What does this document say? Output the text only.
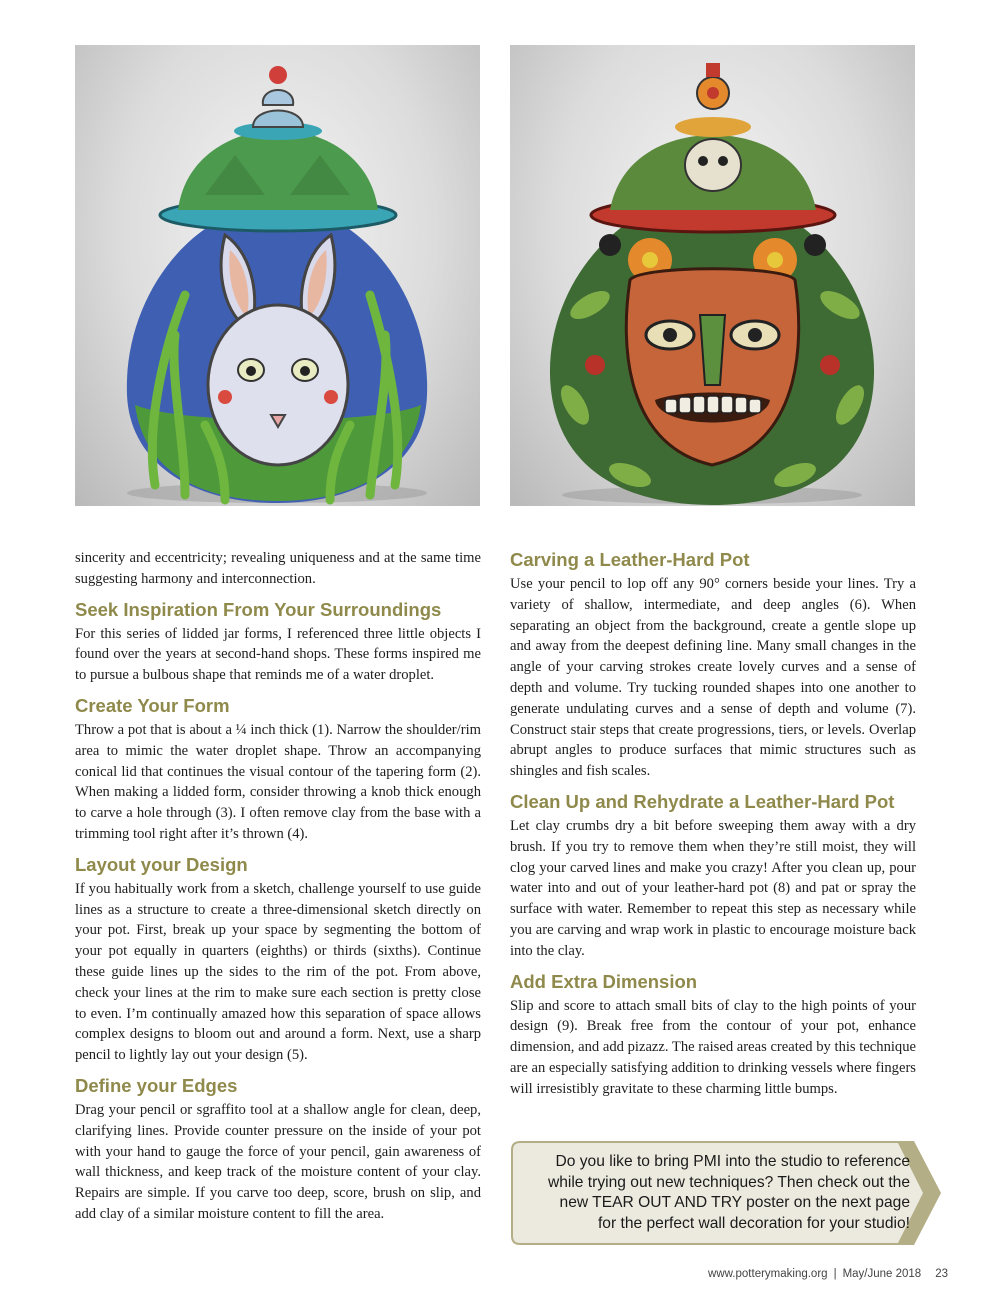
sincerity and eccentricity; revealing uniqueness and at the same time suggesting harmony and interconnection.

Seek Inspiration From Your Surroundings

For this series of lidded jar forms, I referenced three little objects I found over the years at second-hand shops. These forms inspired me to pursue a bulbous shape that reminds me of a water droplet.

Create Your Form

Throw a pot that is about a ¼ inch thick (1). Narrow the shoulder/rim area to mimic the water droplet shape. Throw an accompanying conical lid that continues the visual contour of the tapering form (2). When making a lidded form, consider throwing a knob thick enough to carve a hole through (3). I often remove clay from the base with a trimming tool right after it’s thrown (4).

Layout your Design

If you habitually work from a sketch, challenge yourself to use guide lines as a structure to create a three-dimensional sketch directly on your pot. First, break up your space by segmenting the bottom of your pot equally in quarters (eighths) or thirds (sixths). Continue these guide lines up the sides to the rim of the pot. From above, check your lines at the rim to make sure each section is pretty close to even. I’m continually amazed how this separation of space allows complex designs to bloom out and around a form. Next, use a sharp pencil to lightly lay out your design (5).

Define your Edges

Drag your pencil or sgraffito tool at a shallow angle for clean, deep, clarifying lines. Provide counter pressure on the inside of your pot with your hand to gauge the force of your pencil, gain awareness of wall thickness, and keep track of the moisture content of your clay. Repairs are simple. If you carve too deep, score, brush on slip, and add clay of a similar moisture content to fill the area.

Carving a Leather-Hard Pot

Use your pencil to lop off any 90° corners beside your lines. Try a variety of shallow, intermediate, and deep angles (6). When separating an object from the background, create a gentle slope up and away from the deepest defining line. Many small changes in the angle of your carving strokes create lovely curves and a sense of depth and volume. Try tucking rounded shapes into one another to generate undulating curves and a sense of depth and volume (7). Construct stair steps that create progressions, tiers, or levels. Overlap abrupt angles to produce surfaces that mimic structures such as shingles and fish scales.

Clean Up and Rehydrate a Leather-Hard Pot

Let clay crumbs dry a bit before sweeping them away with a dry brush. If you try to remove them when they’re still moist, they will clog your carved lines and make you crazy! After you clean up, pour water into and out of your leather-hard pot (8) and pat or spray the surface with water. Remember to repeat this step as necessary while you are carving and wrap work in plastic to encourage moisture back into the clay.

Add Extra Dimension

Slip and score to attach small bits of clay to the high points of your design (9). Break free from the contour of your pot, enhance dimension, and add pizazz. The raised areas created by this technique are an especially satisfying addition to drinking vessels where fingers will irresistibly gravitate to these charming little bumps.

Do you like to bring PMI into the studio to reference
while trying out new techniques? Then check out the
new TEAR OUT AND TRY poster on the next page
for the perfect wall decoration for your studio!
www.potterymaking.org | May/June 2018 23
